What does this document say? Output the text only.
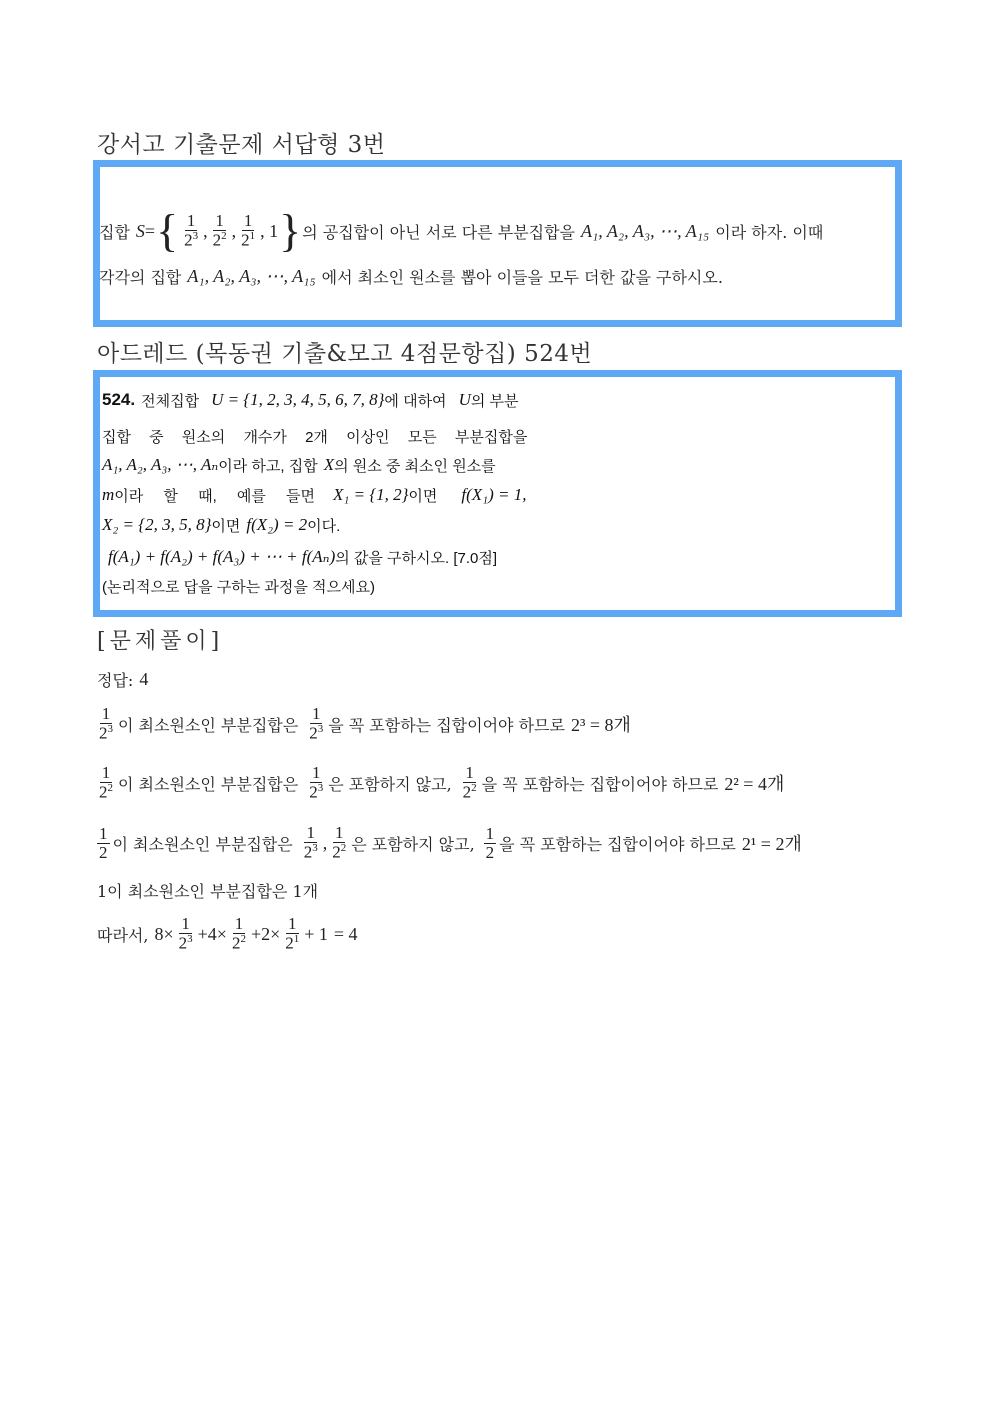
강서고 기출문제 서답형 3번
집합 S = { $\frac{1}{2^3}$ , $\frac{1}{2^2}$ , $\frac{1}{2^1}$ , 1 } 의 공집합이 아닌 서로 다른 부분집합을 A₁, A₂, A₃, ⋯, A₁₅ 이라 하자. 이때
각각의 집합 A₁, A₂, A₃, ⋯, A₁₅ 에서 최소인 원소를 뽑아 이들을 모두 더한 값을 구하시오.
아드레드 (목동권 기출&모고 4점문항집) 524번
524. 전체집합 U = {1, 2, 3, 4, 5, 6, 7, 8} 에 대하여 U 의 부분
집합 중 원소의 개수가 2개 이상인 모든 부분집합을
A₁, A₂, A₃, ⋯, Aₙ 이라 하고, 집합 X 의 원소 중 최소인 원소를
m 이라 할 때, 예를 들면 X₁ = {1, 2} 이면 f(X₁) = 1,
X₂ = {2, 3, 5, 8} 이면 f(X₂) = 2 이다.
f(A₁) + f(A₂) + f(A₃) + ⋯ + f(Aₙ) 의 값을 구하시오. [7.0점]
(논리적으로 답을 구하는 과정을 적으세요)
[문제풀이]
정답: 4
$\frac{1}{2^3}$ 이 최소원소인 부분집합은 $\frac{1}{2^3}$ 을 꼭 포함하는 집합이어야 하므로 2³ = 8개
$\frac{1}{2^2}$ 이 최소원소인 부분집합은 $\frac{1}{2^3}$ 은 포함하지 않고, $\frac{1}{2^2}$ 을 꼭 포함하는 집합이어야 하므로 2² = 4개
$\frac{1}{2}$ 이 최소원소인 부분집합은 $\frac{1}{2^3}$ , $\frac{1}{2^2}$ 은 포함하지 않고, $\frac{1}{2}$ 을 꼭 포함하는 집합이어야 하므로 2¹ = 2개
1이 최소원소인 부분집합은 1개
따라서, $8 \times \frac{1}{2^3} + 4 \times \frac{1}{2^2} + 2 \times \frac{1}{2^1} + 1 = 4$
